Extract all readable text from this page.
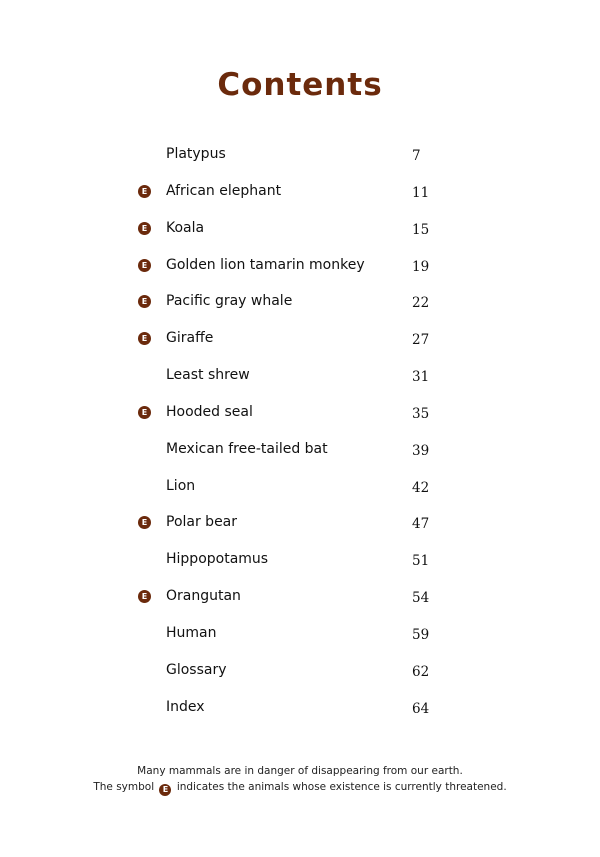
Contents
Platypus	7
E African elephant	11
E Koala	15
E Golden lion tamarin monkey	19
E Pacific gray whale	22
E Giraffe	27
Least shrew	31
E Hooded seal	35
Mexican free-tailed bat	39
Lion	42
E Polar bear	47
Hippopotamus	51
E Orangutan	54
Human	59
Glossary	62
Index	64
Many mammals are in danger of disappearing from our earth.
The symbol E indicates the animals whose existence is currently threatened.
